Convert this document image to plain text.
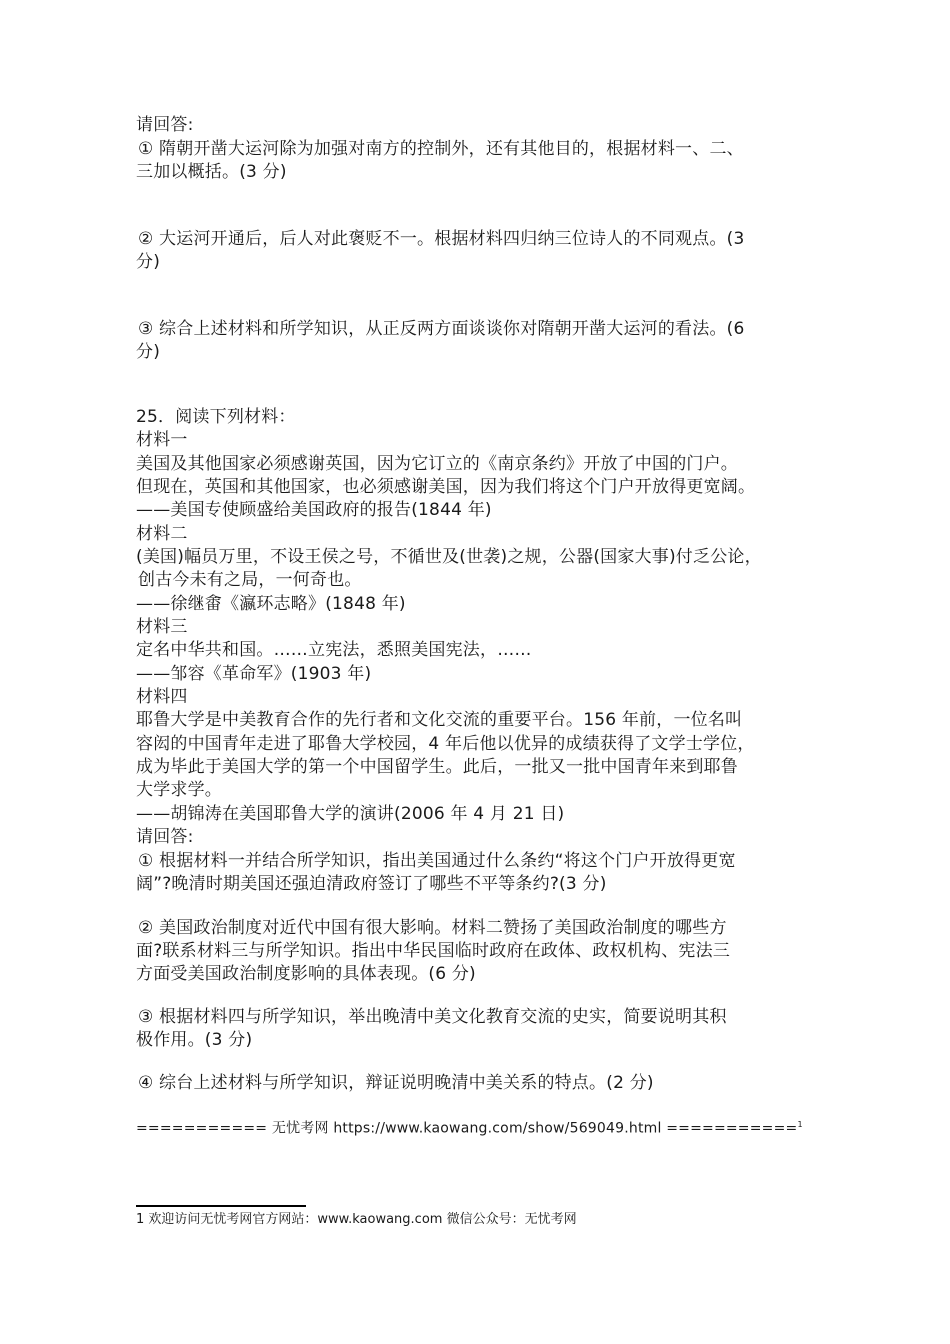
请回答:
① 隋朝开凿大运河除为加强对南方的控制外，还有其他目的，根据材料一、二、
三加以概括。(3 分)
② 大运河开通后，后人对此褒贬不一。根据材料四归纳三位诗人的不同观点。(3
分)
③ 综合上述材料和所学知识，从正反两方面谈谈你对隋朝开凿大运河的看法。(6
分)
25．阅读下列材料：
材料一
美国及其他国家必须感谢英国，因为它订立的《南京条约》开放了中国的门户。
但现在，英国和其他国家，也必须感谢美国，因为我们将这个门户开放得更宽阔。
——美国专使顾盛给美国政府的报告(1844 年)
材料二
(美国)幅员万里，不设王侯之号，不循世及(世袭)之规，公器(国家大事)付乏公论，
创古今未有之局，一何奇也。
——徐继畬《瀛环志略》(1848 年)
材料三
定名中华共和国。……立宪法，悉照美国宪法，……
——邹容《革命军》(1903 年)
材料四
耶鲁大学是中美教育合作的先行者和文化交流的重要平台。156 年前，一位名叫
容闳的中国青年走进了耶鲁大学校园，4 年后他以优异的成绩获得了文学士学位，
成为毕此于美国大学的第一个中国留学生。此后，一批又一批中国青年来到耶鲁
大学求学。
——胡锦涛在美国耶鲁大学的演讲(2006 年 4 月 21 日)
请回答:
① 根据材料一并结合所学知识，指出美国通过什么条约“将这个门户开放得更宽
阔”?晚清时期美国还强迫清政府签订了哪些不平等条约?(3 分)
② 美国政治制度对近代中国有很大影响。材料二赞扬了美国政治制度的哪些方
面?联系材料三与所学知识。指出中华民国临时政府在政体、政权机构、宪法三
方面受美国政治制度影响的具体表现。(6 分)
③ 根据材料四与所学知识，举出晚清中美文化教育交流的史实，简要说明其积
极作用。(3 分)
④ 综台上述材料与所学知识，辩证说明晚清中美关系的特点。(2 分)
=========== 无忧考网 https://www.kaowang.com/show/569049.html ===========$^1$
1 欢迎访问无忧考网官方网站：www.kaowang.com 微信公众号：无忧考网
